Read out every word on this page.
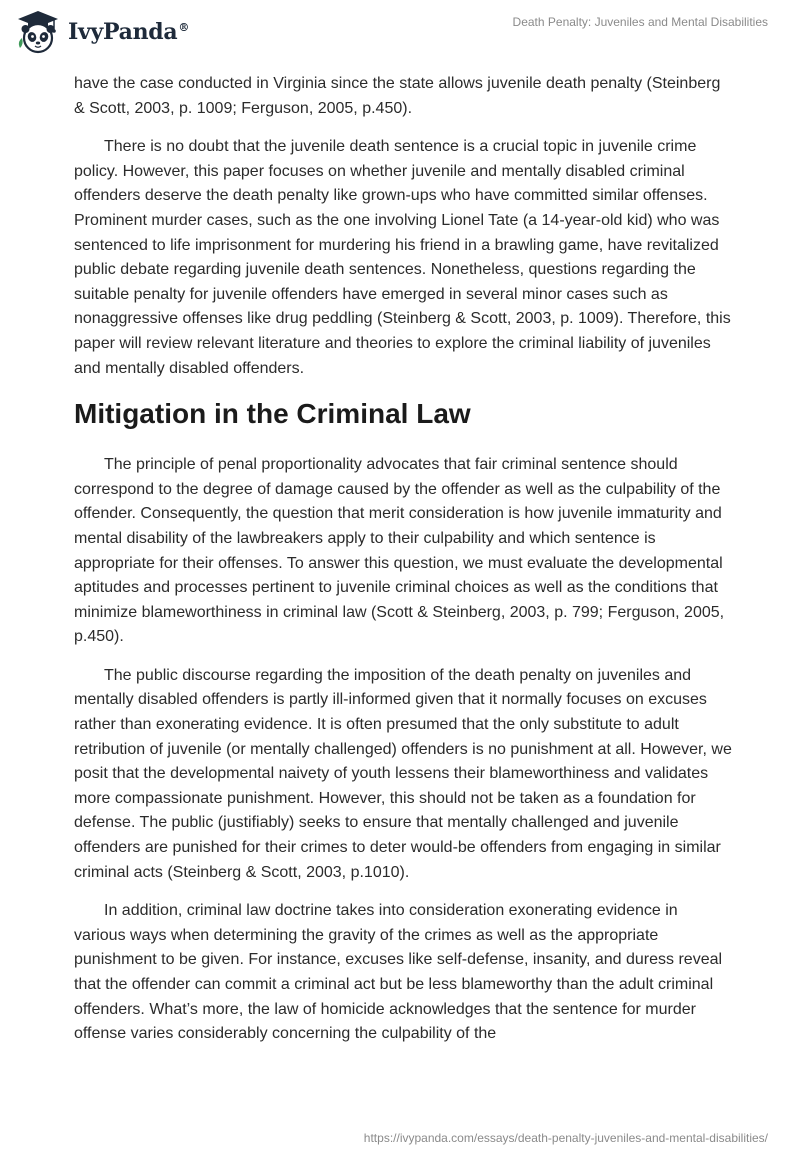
IvyPanda®	Death Penalty: Juveniles and Mental Disabilities

have the case conducted in Virginia since the state allows juvenile death penalty (Steinberg & Scott, 2003, p. 1009; Ferguson, 2005, p.450).

There is no doubt that the juvenile death sentence is a crucial topic in juvenile crime policy. However, this paper focuses on whether juvenile and mentally disabled criminal offenders deserve the death penalty like grown-ups who have committed similar offenses. Prominent murder cases, such as the one involving Lionel Tate (a 14-year-old kid) who was sentenced to life imprisonment for murdering his friend in a brawling game, have revitalized public debate regarding juvenile death sentences. Nonetheless, questions regarding the suitable penalty for juvenile offenders have emerged in several minor cases such as nonaggressive offenses like drug peddling (Steinberg & Scott, 2003, p. 1009). Therefore, this paper will review relevant literature and theories to explore the criminal liability of juveniles and mentally disabled offenders.

Mitigation in the Criminal Law

The principle of penal proportionality advocates that fair criminal sentence should correspond to the degree of damage caused by the offender as well as the culpability of the offender. Consequently, the question that merit consideration is how juvenile immaturity and mental disability of the lawbreakers apply to their culpability and which sentence is appropriate for their offenses. To answer this question, we must evaluate the developmental aptitudes and processes pertinent to juvenile criminal choices as well as the conditions that minimize blameworthiness in criminal law (Scott & Steinberg, 2003, p. 799; Ferguson, 2005, p.450).

The public discourse regarding the imposition of the death penalty on juveniles and mentally disabled offenders is partly ill-informed given that it normally focuses on excuses rather than exonerating evidence. It is often presumed that the only substitute to adult retribution of juvenile (or mentally challenged) offenders is no punishment at all. However, we posit that the developmental naivety of youth lessens their blameworthiness and validates more compassionate punishment. However, this should not be taken as a foundation for defense. The public (justifiably) seeks to ensure that mentally challenged and juvenile offenders are punished for their crimes to deter would-be offenders from engaging in similar criminal acts (Steinberg & Scott, 2003, p.1010).

In addition, criminal law doctrine takes into consideration exonerating evidence in various ways when determining the gravity of the crimes as well as the appropriate punishment to be given. For instance, excuses like self-defense, insanity, and duress reveal that the offender can commit a criminal act but be less blameworthy than the adult criminal offenders. What’s more, the law of homicide acknowledges that the sentence for murder offense varies considerably concerning the culpability of the

https://ivypanda.com/essays/death-penalty-juveniles-and-mental-disabilities/
